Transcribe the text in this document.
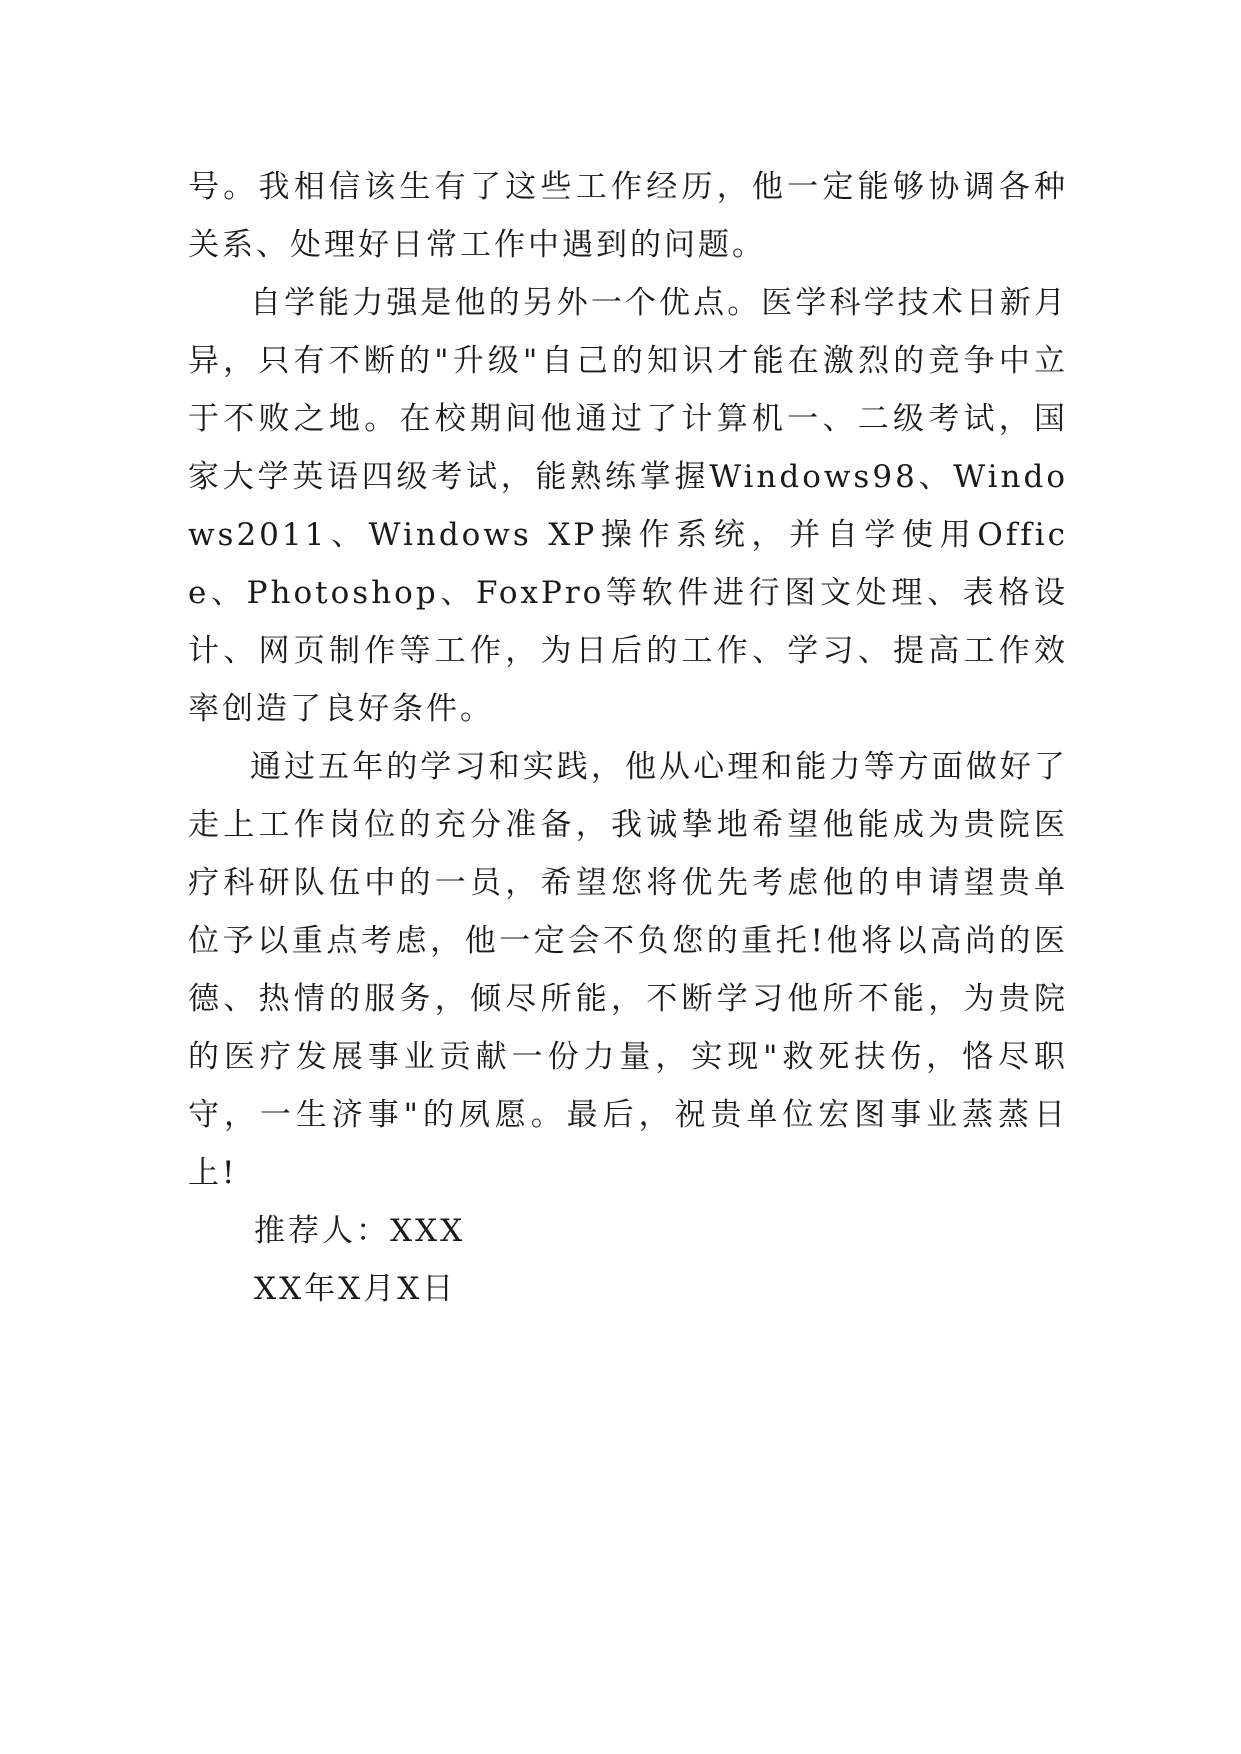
号。我相信该生有了这些工作经历，他一定能够协调各种关系、处理好日常工作中遇到的问题。

自学能力强是他的另外一个优点。医学科学技术日新月异，只有不断的"升级"自己的知识才能在激烈的竞争中立于不败之地。在校期间他通过了计算机一、二级考试，国家大学英语四级考试，能熟练掌握Windows98、Windows2011、Windows XP操作系统，并自学使用Office、Photoshop、FoxPro等软件进行图文处理、表格设计、网页制作等工作，为日后的工作、学习、提高工作效率创造了良好条件。

通过五年的学习和实践，他从心理和能力等方面做好了走上工作岗位的充分准备，我诚挚地希望他能成为贵院医疗科研队伍中的一员，希望您将优先考虑他的申请望贵单位予以重点考虑，他一定会不负您的重托!他将以高尚的医德、热情的服务，倾尽所能，不断学习他所不能，为贵院的医疗发展事业贡献一份力量，实现"救死扶伤，恪尽职守，一生济事"的夙愿。最后，祝贵单位宏图事业蒸蒸日上!

推荐人：XXX

XX年X月X日
